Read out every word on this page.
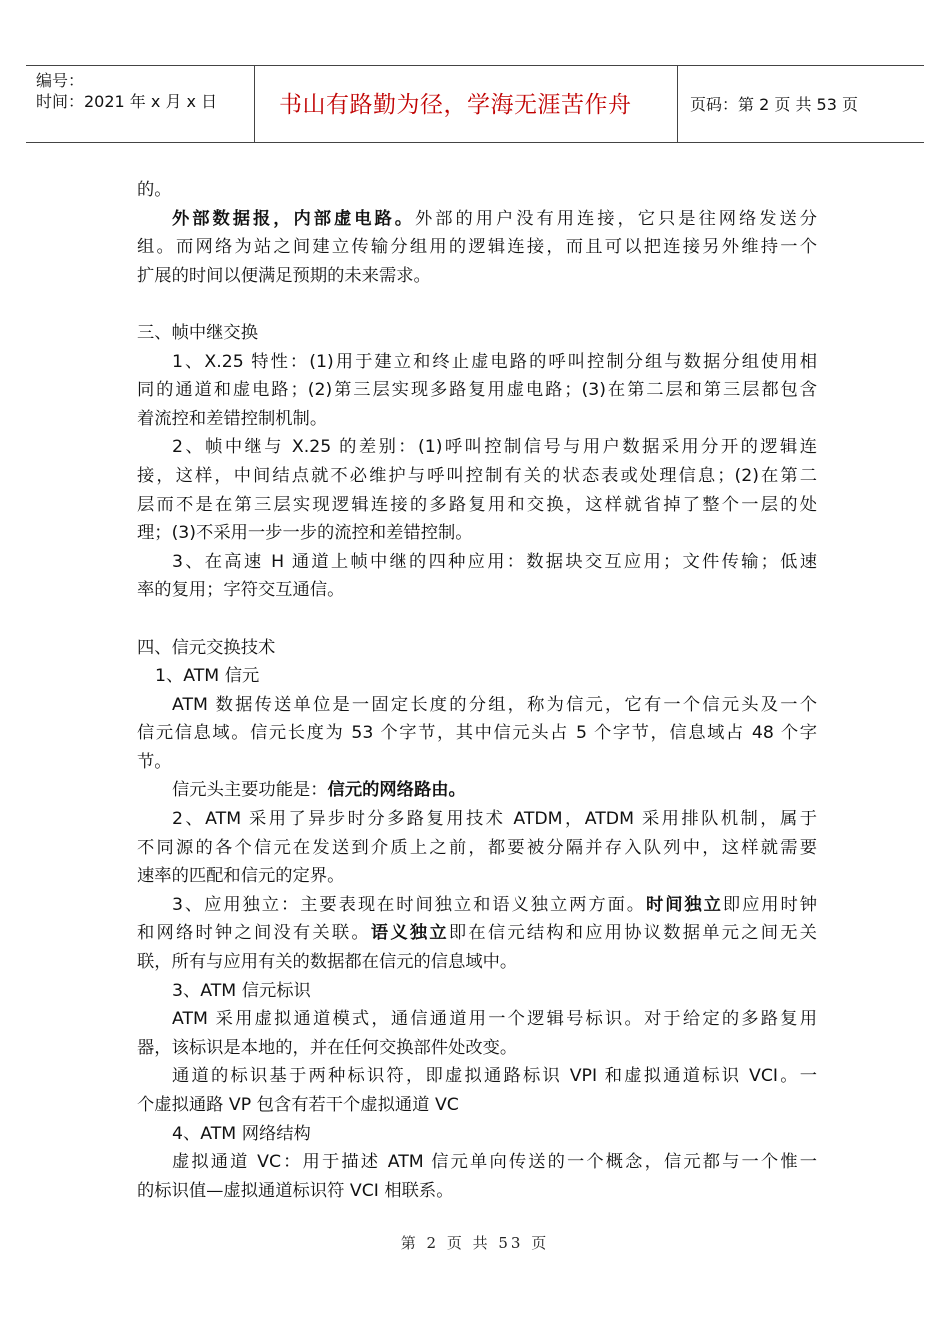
编号：
时间：2021 年 x 月 x 日	书山有路勤为径，学海无涯苦作舟	页码：第 2 页 共 53 页
的。
外部数据报，内部虚电路。外部的用户没有用连接，它只是往网络发送分
组。而网络为站之间建立传输分组用的逻辑连接，而且可以把连接另外维持一个
扩展的时间以便满足预期的未来需求。
三、帧中继交换
1、X.25 特性：(1)用于建立和终止虚电路的呼叫控制分组与数据分组使用相
同的通道和虚电路；(2)第三层实现多路复用虚电路；(3)在第二层和第三层都包含
着流控和差错控制机制。
2、帧中继与 X.25 的差别：(1)呼叫控制信号与用户数据采用分开的逻辑连
接，这样，中间结点就不必维护与呼叫控制有关的状态表或处理信息；(2)在第二
层而不是在第三层实现逻辑连接的多路复用和交换，这样就省掉了整个一层的处
理；(3)不采用一步一步的流控和差错控制。
3、在高速 H 通道上帧中继的四种应用：数据块交互应用；文件传输；低速
率的复用；字符交互通信。
四、信元交换技术
1、ATM 信元
ATM 数据传送单位是一固定长度的分组，称为信元，它有一个信元头及一个
信元信息域。信元长度为 53 个字节，其中信元头占 5 个字节，信息域占 48 个字
节。
信元头主要功能是：信元的网络路由。
2、ATM 采用了异步时分多路复用技术 ATDM，ATDM 采用排队机制，属于
不同源的各个信元在发送到介质上之前，都要被分隔并存入队列中，这样就需要
速率的匹配和信元的定界。
3、应用独立：主要表现在时间独立和语义独立两方面。时间独立即应用时钟
和网络时钟之间没有关联。语义独立即在信元结构和应用协议数据单元之间无关
联，所有与应用有关的数据都在信元的信息域中。
3、ATM 信元标识
ATM 采用虚拟通道模式，通信通道用一个逻辑号标识。对于给定的多路复用
器，该标识是本地的，并在任何交换部件处改变。
通道的标识基于两种标识符，即虚拟通路标识 VPI 和虚拟通道标识 VCI。一
个虚拟通路 VP 包含有若干个虚拟通道 VC
4、ATM 网络结构
虚拟通道 VC：用于描述 ATM 信元单向传送的一个概念，信元都与一个惟一
的标识值—虚拟通道标识符 VCI 相联系。
第 2 页 共 53 页
